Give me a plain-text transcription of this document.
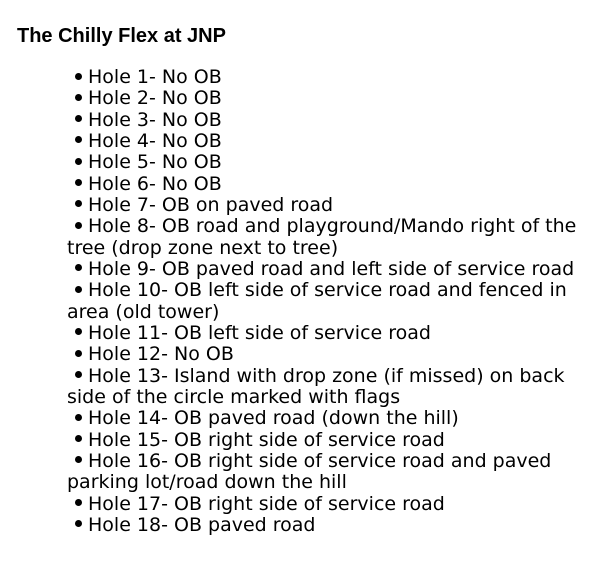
The Chilly Flex at JNP
Hole 1- No OB
Hole 2- No OB
Hole 3- No OB
Hole 4- No OB
Hole 5- No OB
Hole 6- No OB
Hole 7- OB on paved road
Hole 8- OB road and playground/Mando right of the tree (drop zone next to tree)
Hole 9- OB paved road and left side of service road
Hole 10- OB left side of service road and fenced in area (old tower)
Hole 11- OB left side of service road
Hole 12- No OB
Hole 13- Island with drop zone (if missed) on back side of the circle marked with flags
Hole 14- OB paved road (down the hill)
Hole 15- OB right side of service road
Hole 16- OB right side of service road and paved parking lot/road down the hill
Hole 17- OB right side of service road
Hole 18- OB paved road
